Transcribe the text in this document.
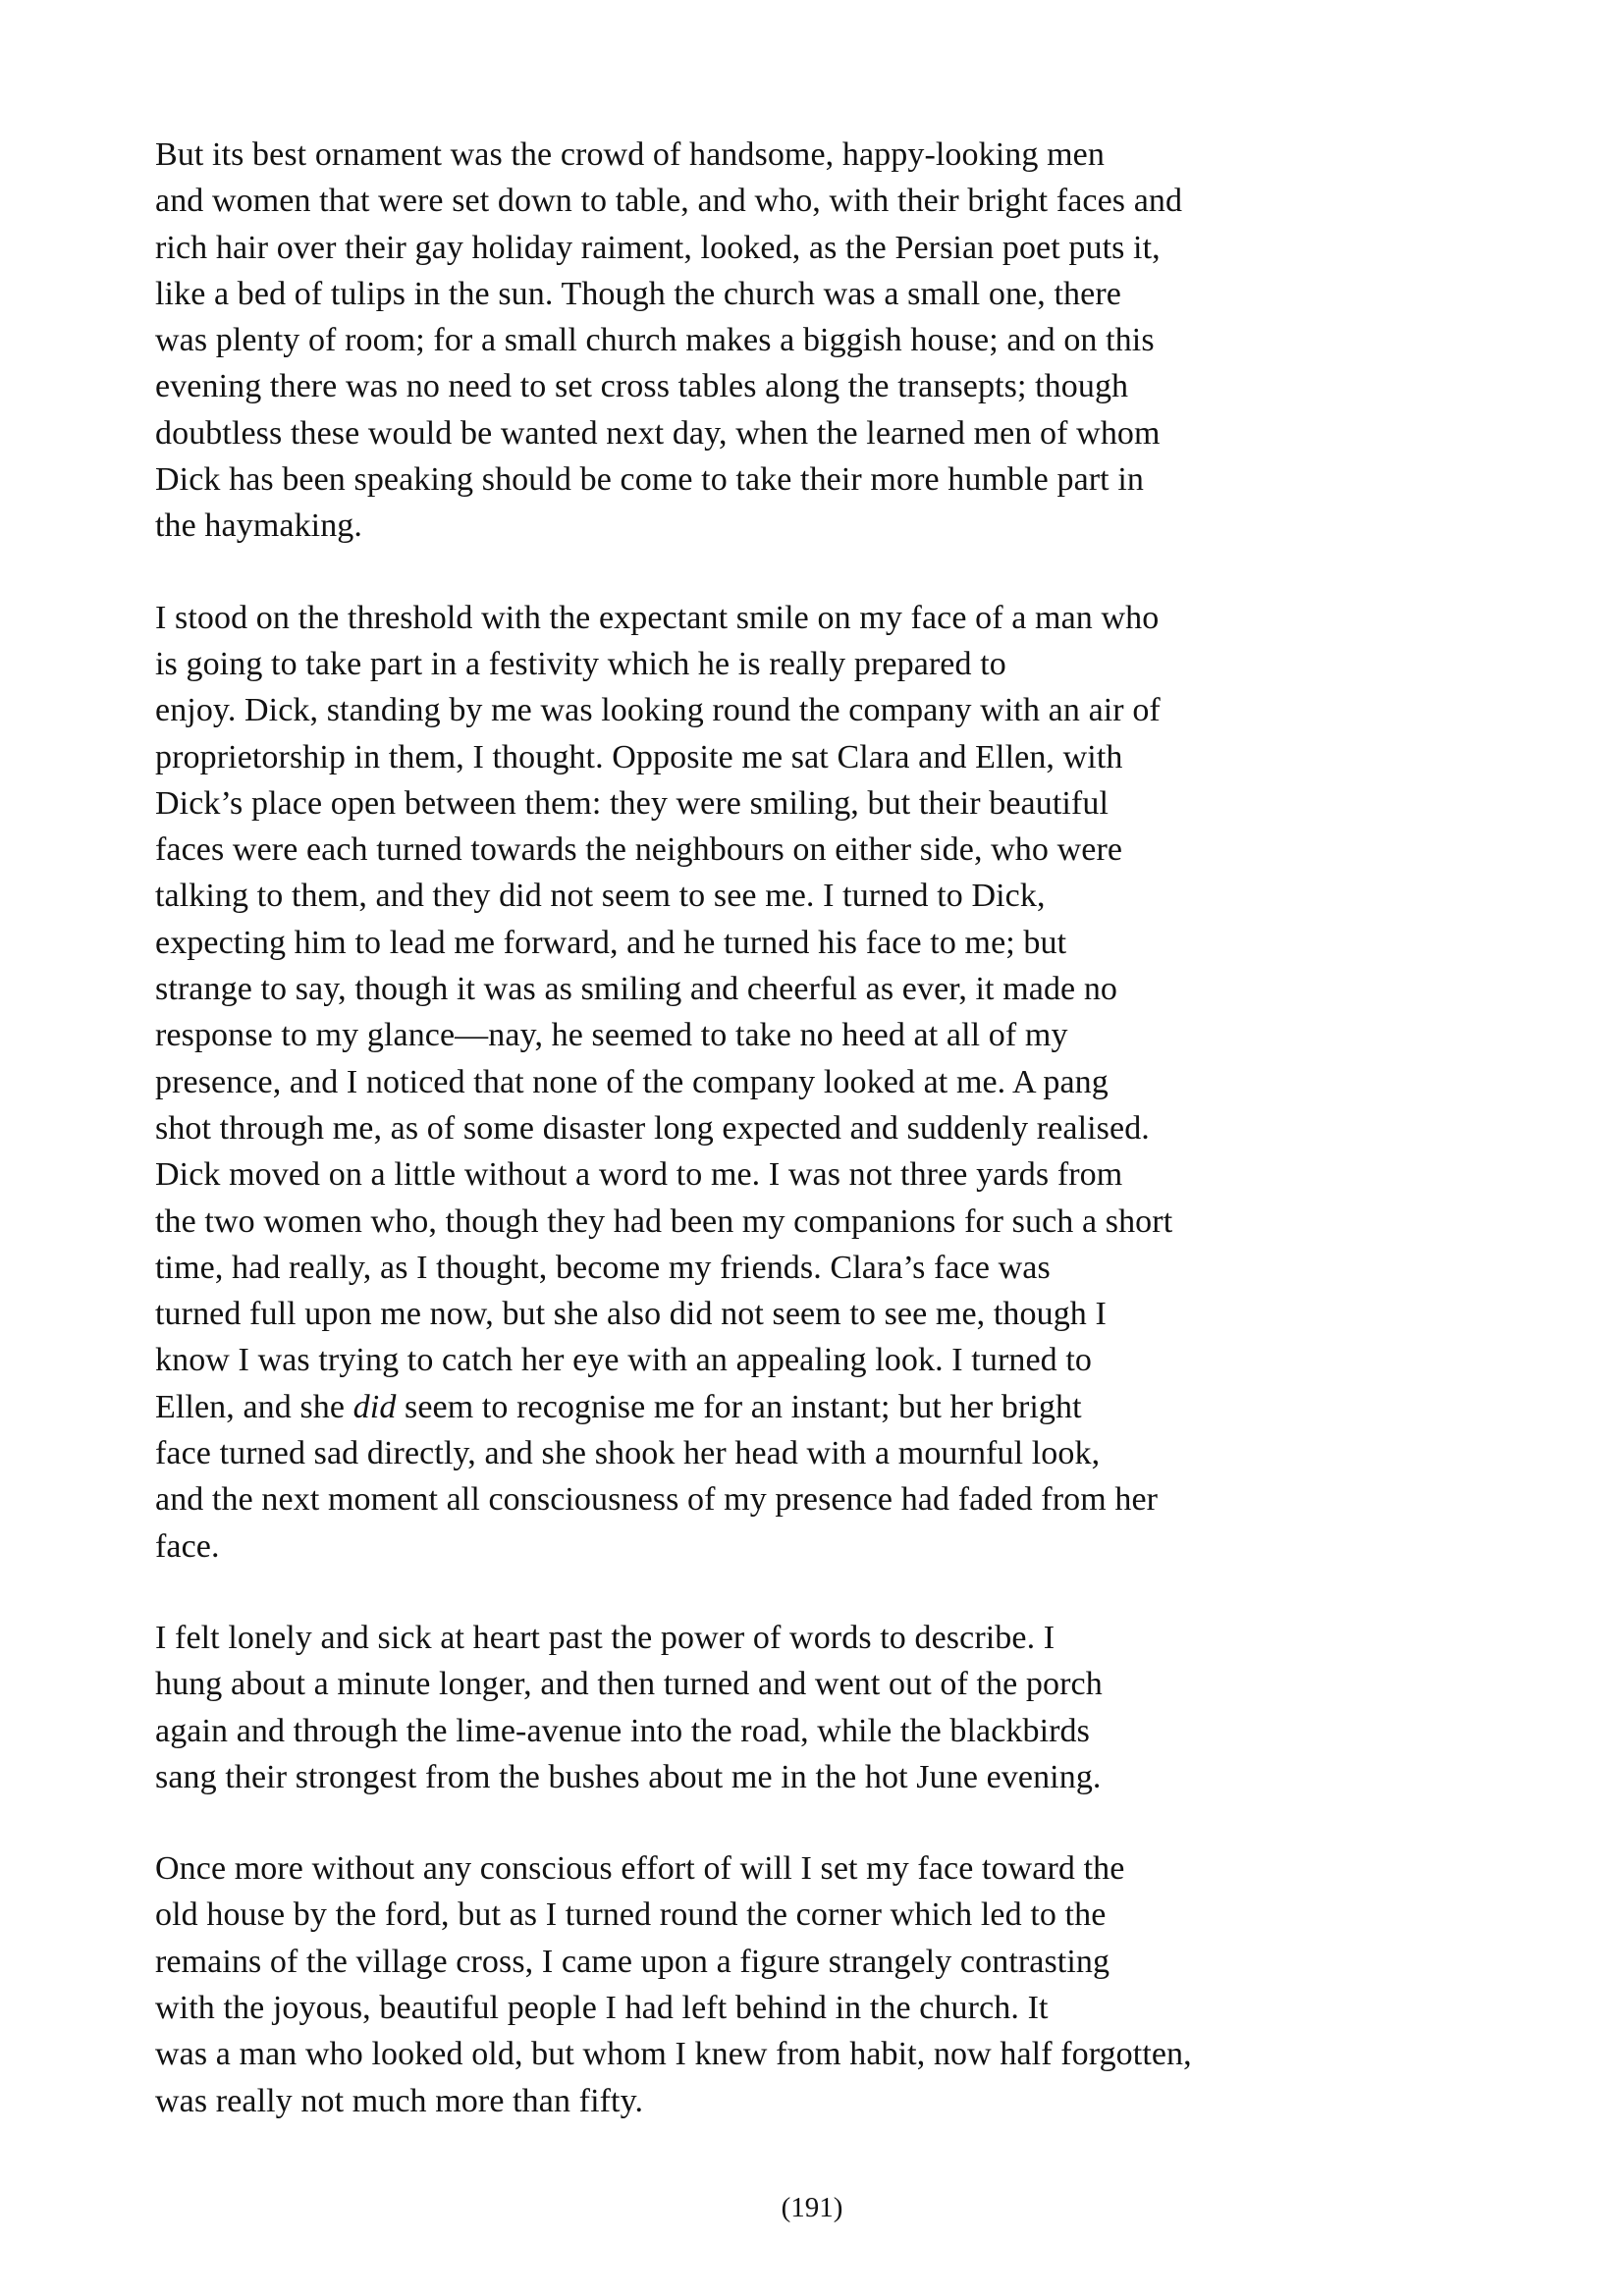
But its best ornament was the crowd of handsome, happy-looking men
and women that were set down to table, and who, with their bright faces and
rich hair over their gay holiday raiment, looked, as the Persian poet puts it,
like a bed of tulips in the sun. Though the church was a small one, there
was plenty of room; for a small church makes a biggish house; and on this
evening there was no need to set cross tables along the transepts; though
doubtless these would be wanted next day, when the learned men of whom
Dick has been speaking should be come to take their more humble part in
the haymaking.

I stood on the threshold with the expectant smile on my face of a man who
is going to take part in a festivity which he is really prepared to
enjoy. Dick, standing by me was looking round the company with an air of
proprietorship in them, I thought. Opposite me sat Clara and Ellen, with
Dick’s place open between them: they were smiling, but their beautiful
faces were each turned towards the neighbours on either side, who were
talking to them, and they did not seem to see me. I turned to Dick,
expecting him to lead me forward, and he turned his face to me; but
strange to say, though it was as smiling and cheerful as ever, it made no
response to my glance—nay, he seemed to take no heed at all of my
presence, and I noticed that none of the company looked at me. A pang
shot through me, as of some disaster long expected and suddenly realised.
Dick moved on a little without a word to me. I was not three yards from
the two women who, though they had been my companions for such a short
time, had really, as I thought, become my friends. Clara’s face was
turned full upon me now, but she also did not seem to see me, though I
know I was trying to catch her eye with an appealing look. I turned to
Ellen, and she did seem to recognise me for an instant; but her bright
face turned sad directly, and she shook her head with a mournful look,
and the next moment all consciousness of my presence had faded from her
face.

I felt lonely and sick at heart past the power of words to describe. I
hung about a minute longer, and then turned and went out of the porch
again and through the lime-avenue into the road, while the blackbirds
sang their strongest from the bushes about me in the hot June evening.

Once more without any conscious effort of will I set my face toward the
old house by the ford, but as I turned round the corner which led to the
remains of the village cross, I came upon a figure strangely contrasting
with the joyous, beautiful people I had left behind in the church. It
was a man who looked old, but whom I knew from habit, now half forgotten,
was really not much more than fifty.

(191)
